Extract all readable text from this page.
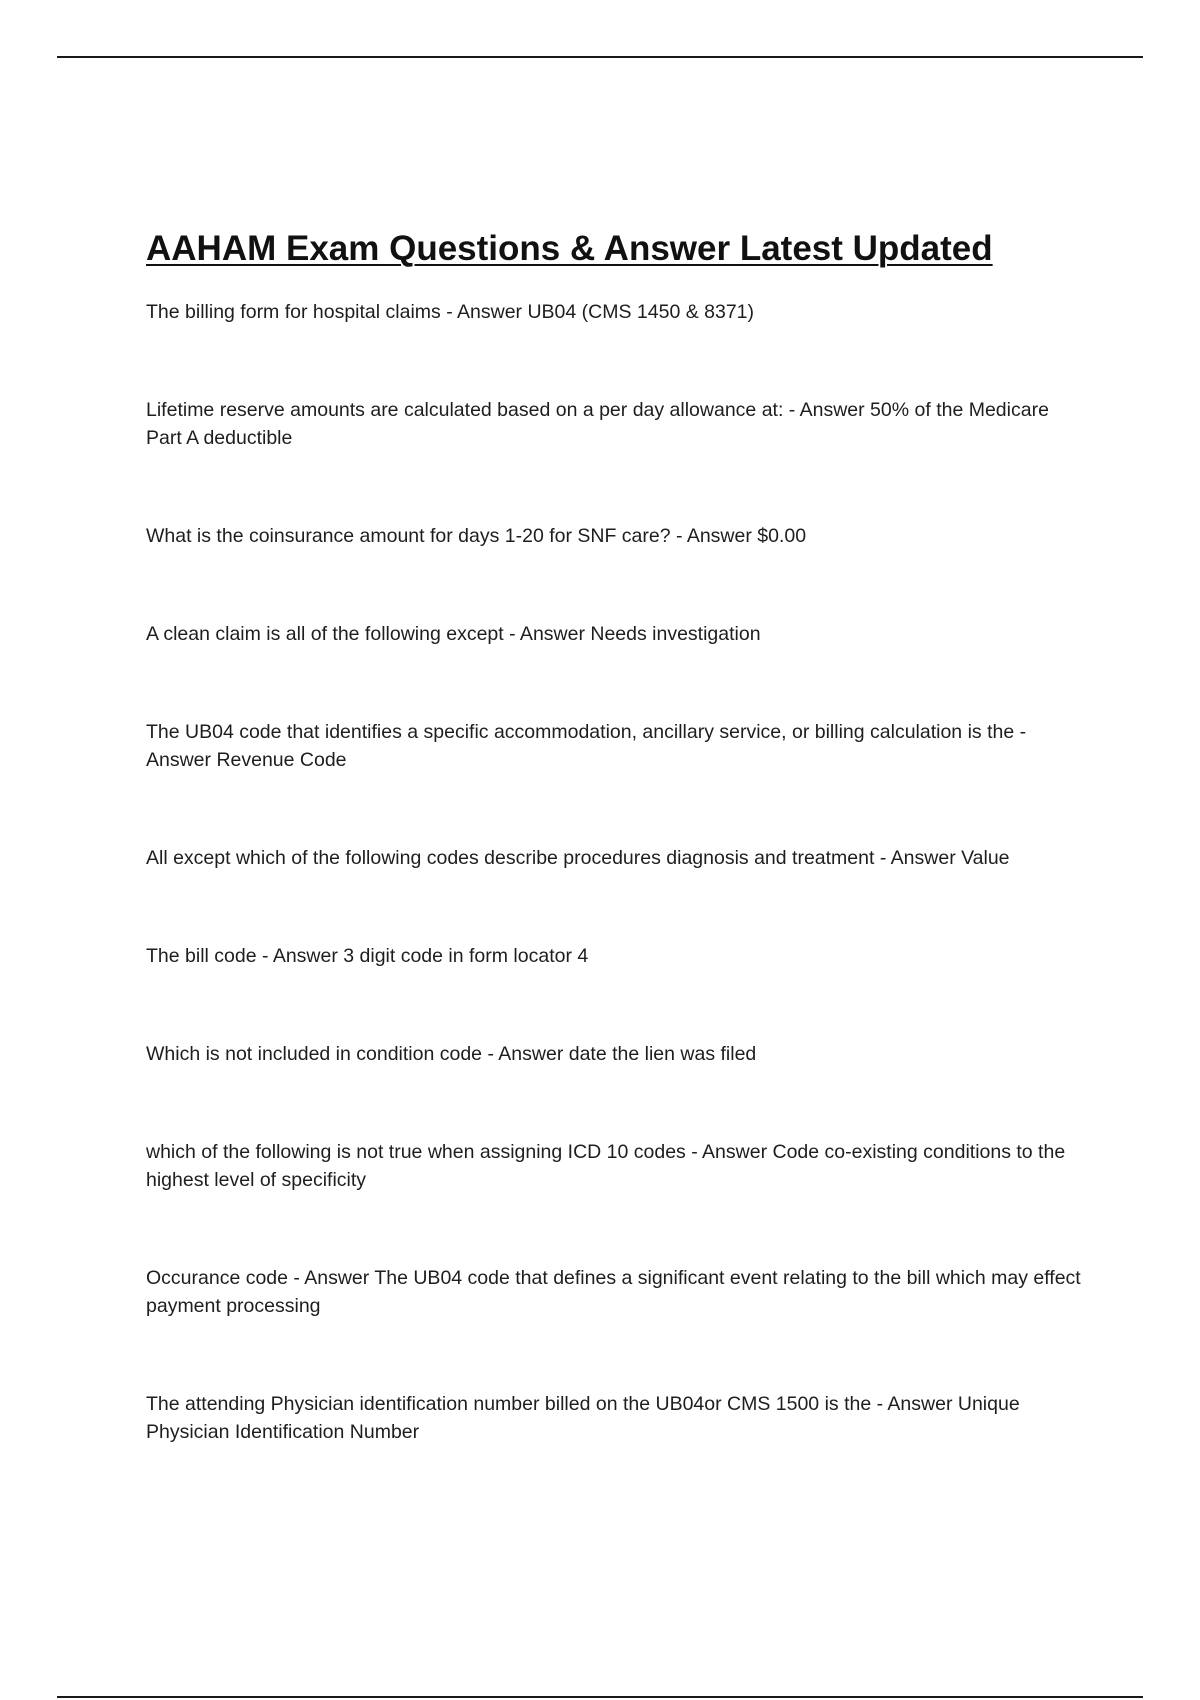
AAHAM Exam Questions & Answer Latest Updated
The billing form for hospital claims - Answer UB04 (CMS 1450 & 8371)
Lifetime reserve amounts are calculated based on a per day allowance at: - Answer 50% of the Medicare Part A deductible
What is the coinsurance amount for days 1-20 for SNF care? - Answer $0.00
A clean claim is all of the following except - Answer Needs investigation
The UB04 code that identifies a specific accommodation, ancillary service, or billing calculation is the - Answer Revenue Code
All except which of the following codes describe procedures diagnosis and treatment - Answer Value
The bill code - Answer 3 digit code in form locator 4
Which is not included in condition code - Answer date the lien was filed
which of the following is not true when assigning ICD 10 codes - Answer Code co-existing conditions to the highest level of specificity
Occurance code - Answer The UB04 code that defines a significant event relating to the bill which may effect payment processing
The attending Physician identification number billed on the UB04or CMS 1500 is the - Answer Unique Physician Identification Number
